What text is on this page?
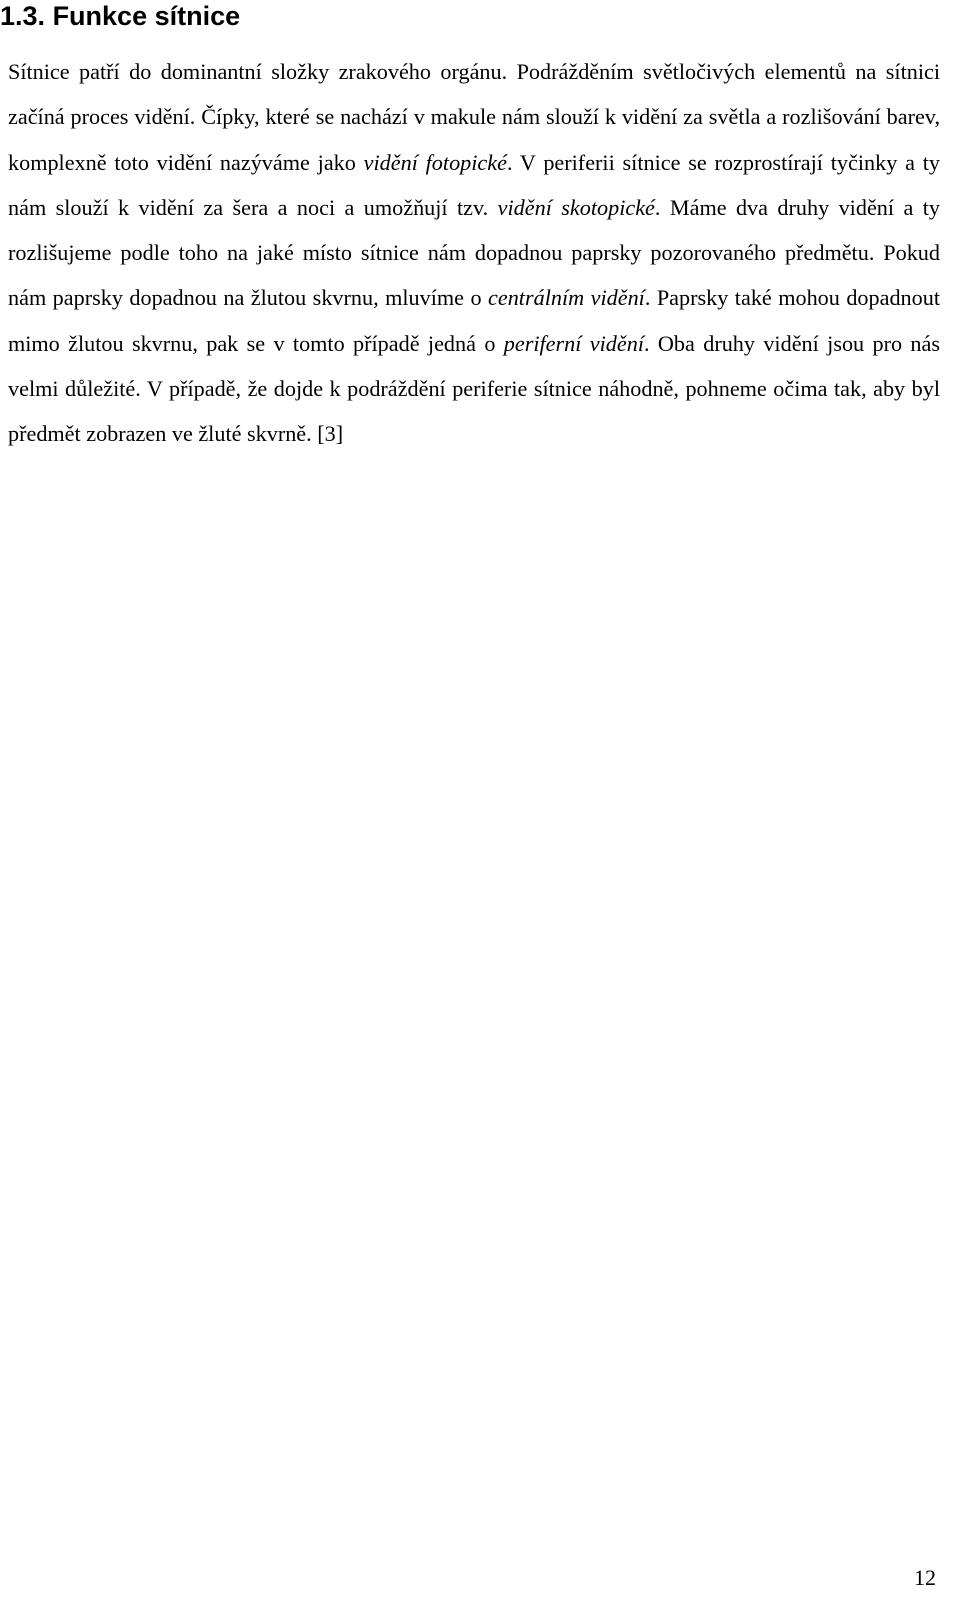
1.3. Funkce sítnice

Sítnice patří do dominantní složky zrakového orgánu. Podrážděním světločivých elementů na sítnici začíná proces vidění. Čípky, které se nachází v makule nám slouží k vidění za světla a rozlišování barev, komplexně toto vidění nazýváme jako vidění fotopické. V periferii sítnice se rozprostírají tyčinky a ty nám slouží k vidění za šera a noci a umožňují tzv. vidění skotopické. Máme dva druhy vidění a ty rozlišujeme podle toho na jaké místo sítnice nám dopadnou paprsky pozorovaného předmětu. Pokud nám paprsky dopadnou na žlutou skvrnu, mluvíme o centrálním vidění. Paprsky také mohou dopadnout mimo žlutou skvrnu, pak se v tomto případě jedná o periferní vidění. Oba druhy vidění jsou pro nás velmi důležité. V případě, že dojde k podráždění periferie sítnice náhodně, pohneme očima tak, aby byl předmět zobrazen ve žluté skvrně. [3]

12
